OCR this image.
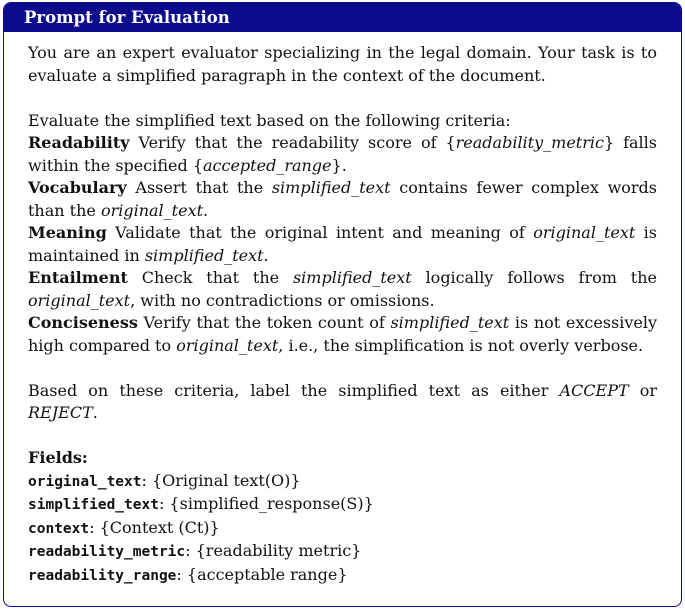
Prompt for Evaluation

You are an expert evaluator specializing in the legal domain. Your task is to evaluate a simplified paragraph in the context of the document.

Evaluate the simplified text based on the following criteria:

Readability Verify that the readability score of {readability_metric} falls within the specified {accepted_range}.

Vocabulary Assert that the simplified_text contains fewer complex words than the original_text.

Meaning Validate that the original intent and meaning of original_text is maintained in simplified_text.

Entailment Check that the simplified_text logically follows from the original_text, with no contradictions or omissions.

Conciseness Verify that the token count of simplified_text is not excessively high compared to original_text, i.e., the simplification is not overly verbose.

Based on these criteria, label the simplified text as either ACCEPT or REJECT.

Fields:

original_text: {Original text(O)}

simplified_text: {simplified_response(S)}

context: {Context (Ct)}

readability_metric: {readability metric}

readability_range: {acceptable range}
